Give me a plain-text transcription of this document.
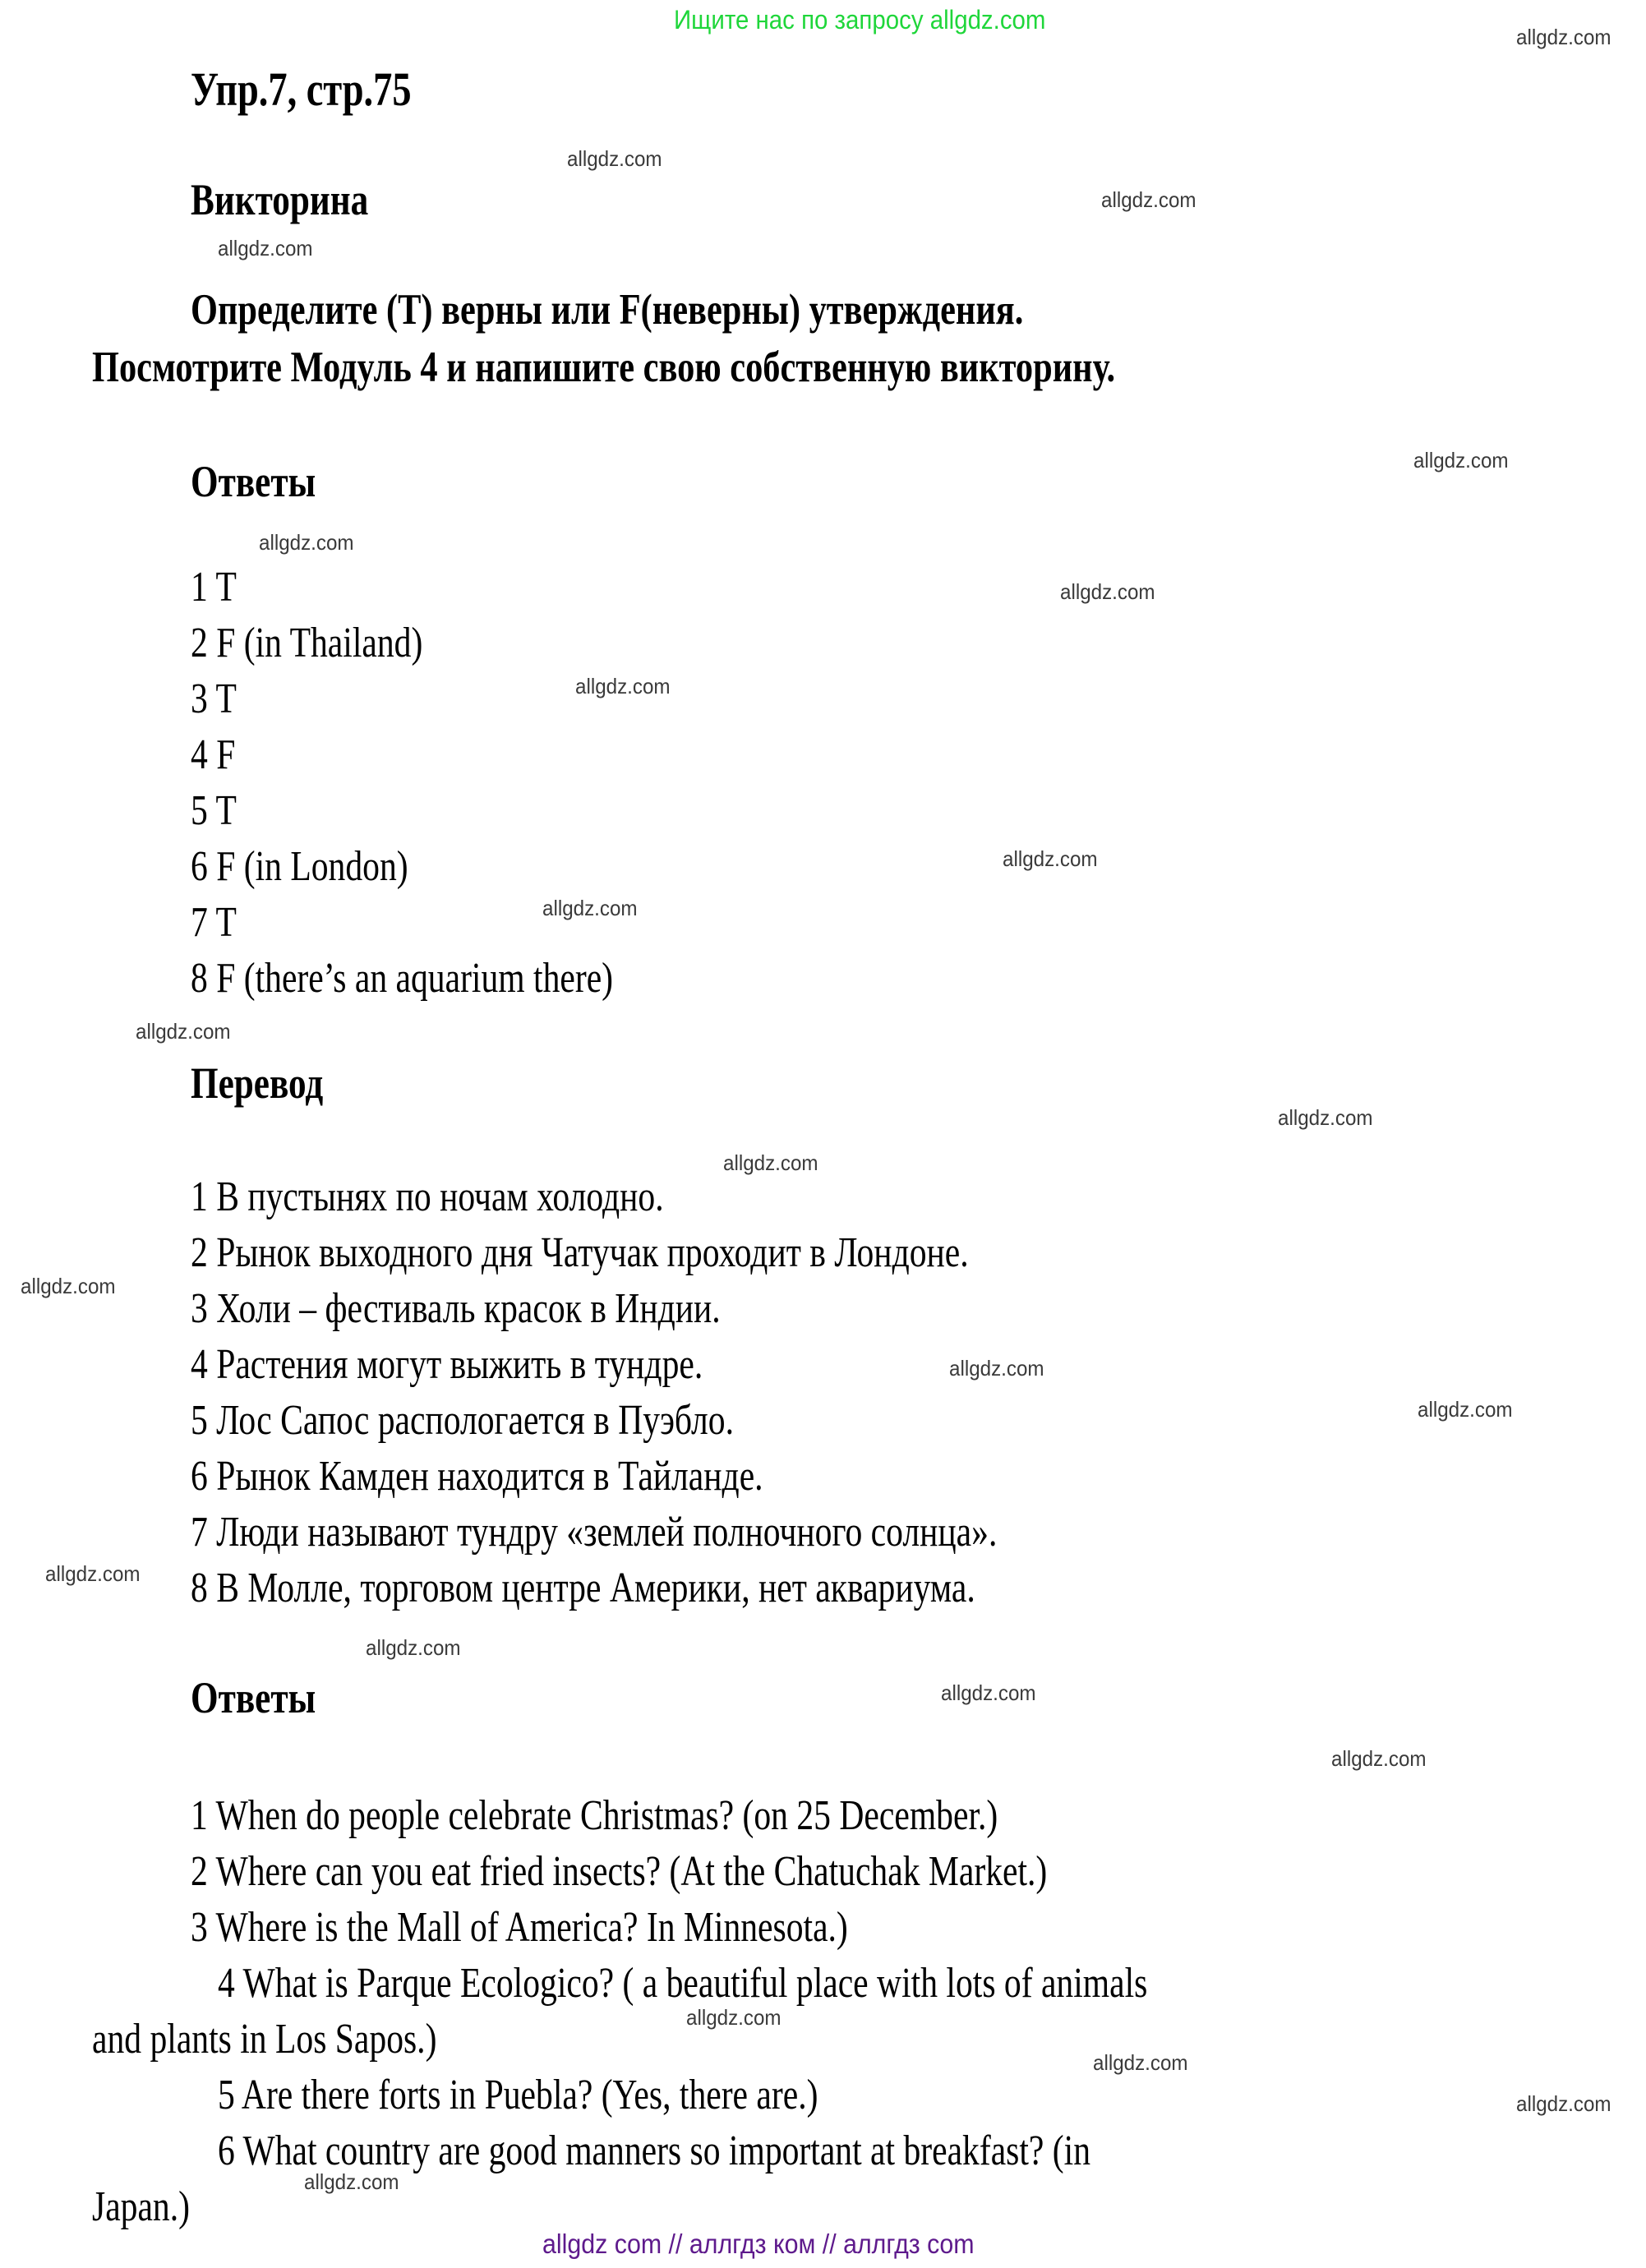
Ищите нас по запросу allgdz.com
Упр.7, стр.75
Викторина
Определите (Т) верны или F(неверны) утверждения.
Посмотрите Модуль 4 и напишите свою собственную викторину.
Ответы
1 T
2 F (in Thailand)
3 T
4 F
5 T
6 F (in London)
7 T
8 F (there’s an aquarium there)
Перевод
1 В пустынях по ночам холодно.
2 Рынок выходного дня Чатучак проходит в Лондоне.
3 Холи – фестиваль красок в Индии.
4 Растения могут выжить в тундре.
5 Лос Сапос распологается в Пуэбло.
6 Рынок Камден находится в Тайланде.
7 Люди называют тундру «землей полночного солнца».
8 В Молле, торговом центре Америки, нет аквариума.
Ответы
1 When do people celebrate Christmas? (on 25 December.)
2 Where can you eat fried insects? (At the Chatuchak Market.)
3 Where is the Mall of America? In Minnesota.)
4 What is Parque Ecologico? ( a beautiful place with lots of animals
and plants in Los Sapos.)
5 Are there forts in Puebla? (Yes, there are.)
6 What country are good manners so important at breakfast? (in
Japan.)
allgdz.com
allgdz.com
allgdz.com
allgdz.com
allgdz.com
allgdz.com
allgdz.com
allgdz.com
allgdz.com
allgdz.com
allgdz.com
allgdz.com
allgdz.com
allgdz.com
allgdz.com
allgdz.com
allgdz.com
allgdz.com
allgdz.com
allgdz.com
allgdz.com
allgdz.com
allgdz.com
allgdz.com
allgdz com // аллгдз ком // аллгдз com
